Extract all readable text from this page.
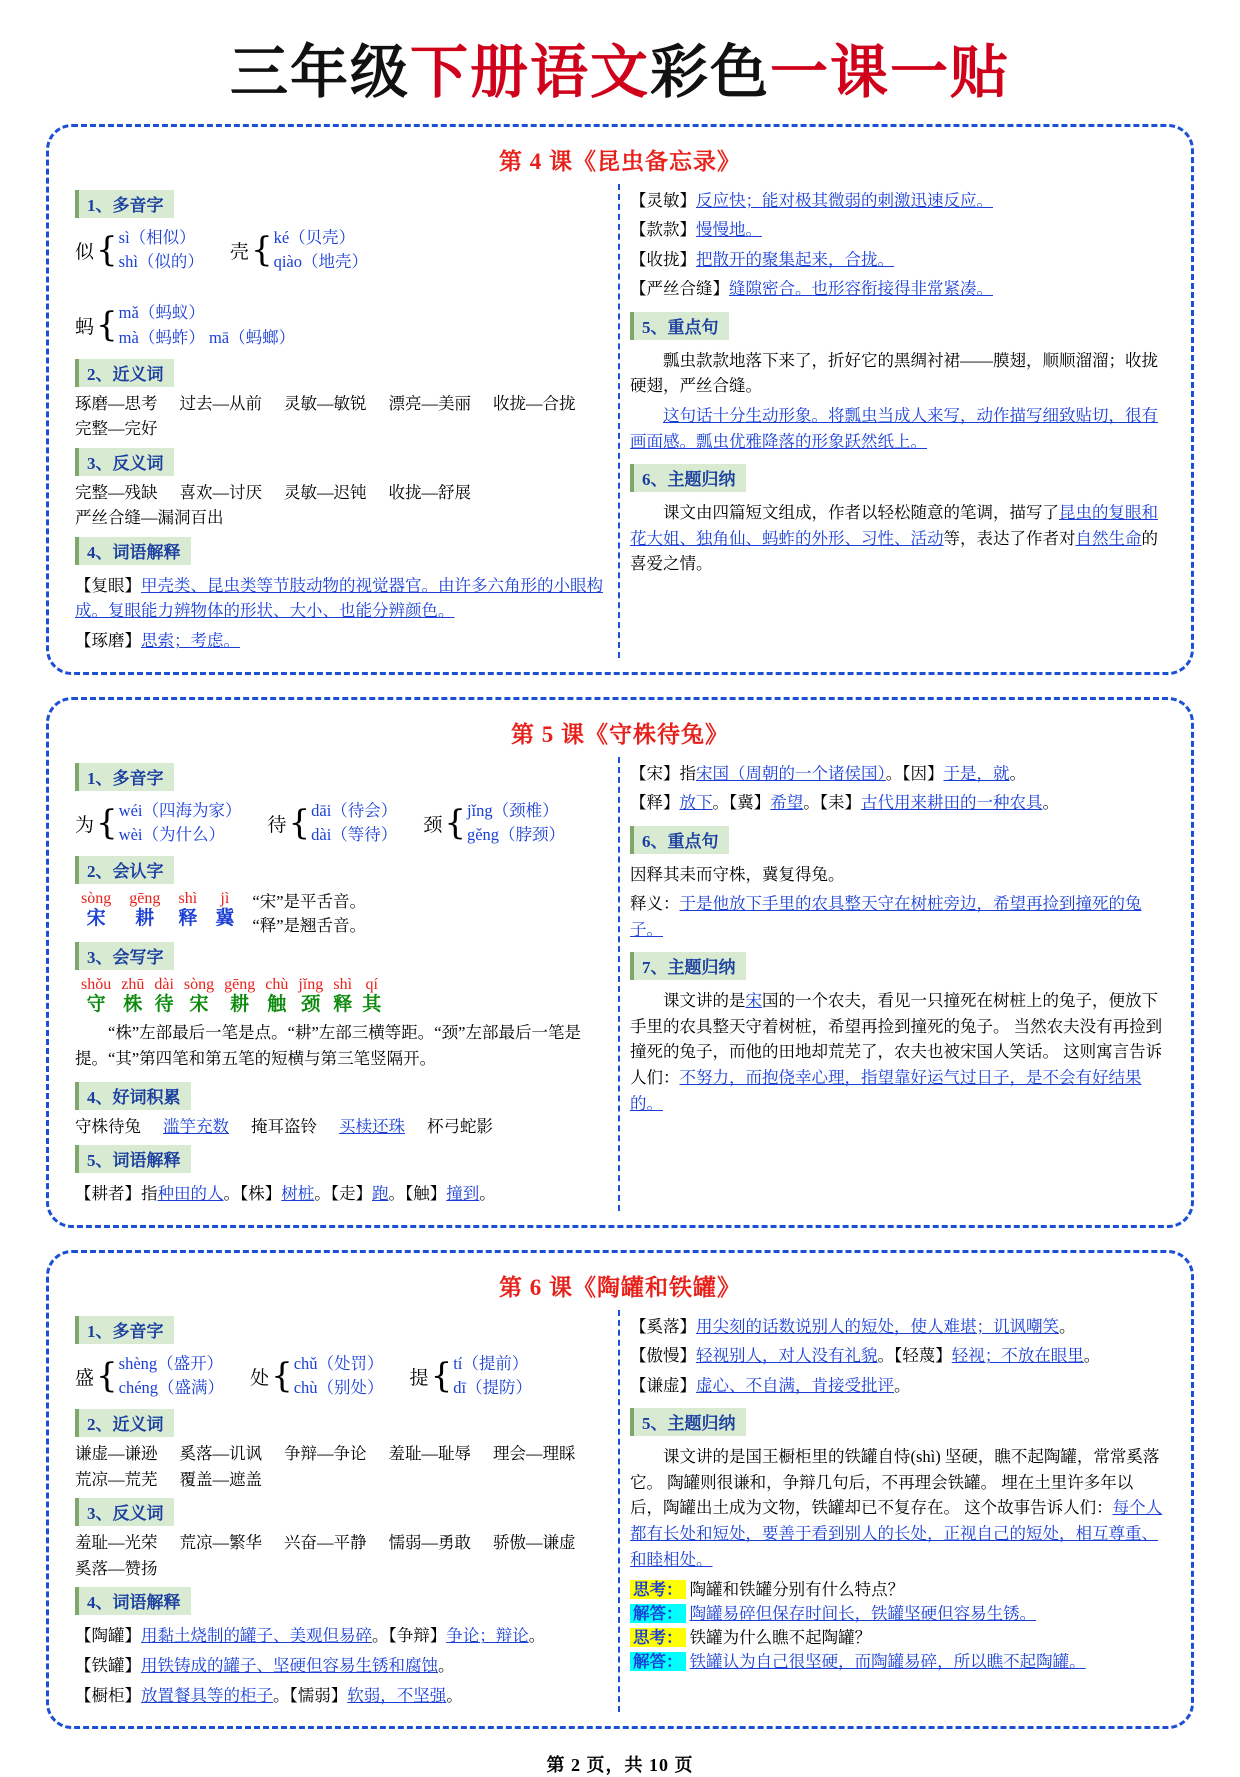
三年级下册语文彩色一课一贴
第 4 课《昆虫备忘录》
1、多音字
似 { sì（相似）
shì（似的） 壳 { ké（贝壳）
qiào（地壳）
蚂 { mǎ（蚂蚁）
mà（蚂蚱） mā（蚂螂）
2、近义词
琢磨—思考 过去—从前 灵敏—敏锐 漂亮—美丽 收拢—合拢
完整—完好
3、反义词
完整—残缺 喜欢—讨厌 灵敏—迟钝 收拢—舒展
严丝合缝—漏洞百出
4、词语解释

【复眼】甲壳类、昆虫类等节肢动物的视觉器官。由许多六角形的小眼构成。复眼能力辨物体的形状、大小、也能分辨颜色。

【琢磨】思索；考虑。

【灵敏】反应快；能对极其微弱的刺激迅速反应。

【款款】慢慢地。

【收拢】把散开的聚集起来，合拢。

【严丝合缝】缝隙密合。也形容衔接得非常紧凑。

5、重点句

瓢虫款款地落下来了，折好它的黑绸衬裙——膜翅，顺顺溜溜；收拢硬翅，严丝合缝。

这句话十分生动形象。将瓢虫当成人来写，动作描写细致贴切，很有画面感。瓢虫优雅降落的形象跃然纸上。

6、主题归纳

课文由四篇短文组成，作者以轻松随意的笔调，描写了昆虫的复眼和花大姐、独角仙、蚂蚱的外形、习性、活动等，表达了作者对自然生命的喜爱之情。

第 5 课《守株待兔》
1、多音字
为 { wéi（四海为家）
wèi（为什么）	待 { dāi（待会）
dài（等待） 颈 { jǐng（颈椎）
gěng（脖颈）
2、会认字
sòng
宋
gēng
耕
shì
释
jì
冀
“宋”是平舌音。
“释”是翘舌音。
3、会写字
shǒu
守
zhū
株
dài
待
sòng
宋
gēng
耕
chù
触
jǐng
颈
shì
释
qí
其

“株”左部最后一笔是点。“耕”左部三横等距。“颈”左部最后一笔是提。“其”第四笔和第五笔的短横与第三笔竖隔开。

4、好词积累
守株待兔 滥竽充数 掩耳盗铃 买椟还珠 杯弓蛇影
5、词语解释

【耕者】指种田的人。【株】树桩。【走】跑。【触】撞到。

【宋】指宋国（周朝的一个诸侯国）。【因】于是，就。

【释】放下。【冀】希望。【耒】古代用来耕田的一种农具。

6、重点句

因释其耒而守株，冀复得兔。

释义：于是他放下手里的农具整天守在树桩旁边，希望再捡到撞死的兔子。

7、主题归纳

课文讲的是宋国的一个农夫，看见一只撞死在树桩上的兔子，便放下手里的农具整天守着树桩，希望再捡到撞死的兔子。 当然农夫没有再捡到撞死的兔子，而他的田地却荒芜了，农夫也被宋国人笑话。 这则寓言告诉人们：不努力，而抱侥幸心理，指望靠好运气过日子，是不会有好结果的。

第 6 课《陶罐和铁罐》
1、多音字
盛 { shèng（盛开）
chéng（盛满） 处 { chǔ（处罚）
chù（别处） 提 { tí（提前）
dī（提防）
2、近义词
谦虚—谦逊 奚落—讥讽 争辩—争论 羞耻—耻辱 理会—理睬
荒凉—荒芜 覆盖—遮盖
3、反义词
羞耻—光荣 荒凉—繁华 兴奋—平静 懦弱—勇敢 骄傲—谦虚
奚落—赞扬
4、词语解释

【陶罐】用黏土烧制的罐子、美观但易碎。【争辩】争论；辩论。

【铁罐】用铁铸成的罐子、坚硬但容易生锈和腐蚀。

【橱柜】放置餐具等的柜子。【懦弱】软弱，不坚强。

【奚落】用尖刻的话数说别人的短处，使人难堪；讥讽嘲笑。

【傲慢】轻视别人，对人没有礼貌。【轻蔑】轻视；不放在眼里。

【谦虚】虚心、不自满，肯接受批评。

5、主题归纳

课文讲的是国王橱柜里的铁罐自恃(shì) 坚硬，瞧不起陶罐，常常奚落它。 陶罐则很谦和，争辩几句后，不再理会铁罐。 埋在土里许多年以后，陶罐出土成为文物，铁罐却已不复存在。 这个故事告诉人们：每个人都有长处和短处，要善于看到别人的长处，正视自己的短处，相互尊重、和睦相处。

思考： 陶罐和铁罐分别有什么特点？
解答： 陶罐易碎但保存时间长，铁罐坚硬但容易生锈。
思考： 铁罐为什么瞧不起陶罐？
解答： 铁罐认为自己很坚硬，而陶罐易碎，所以瞧不起陶罐。
第 2 页，共 10 页
